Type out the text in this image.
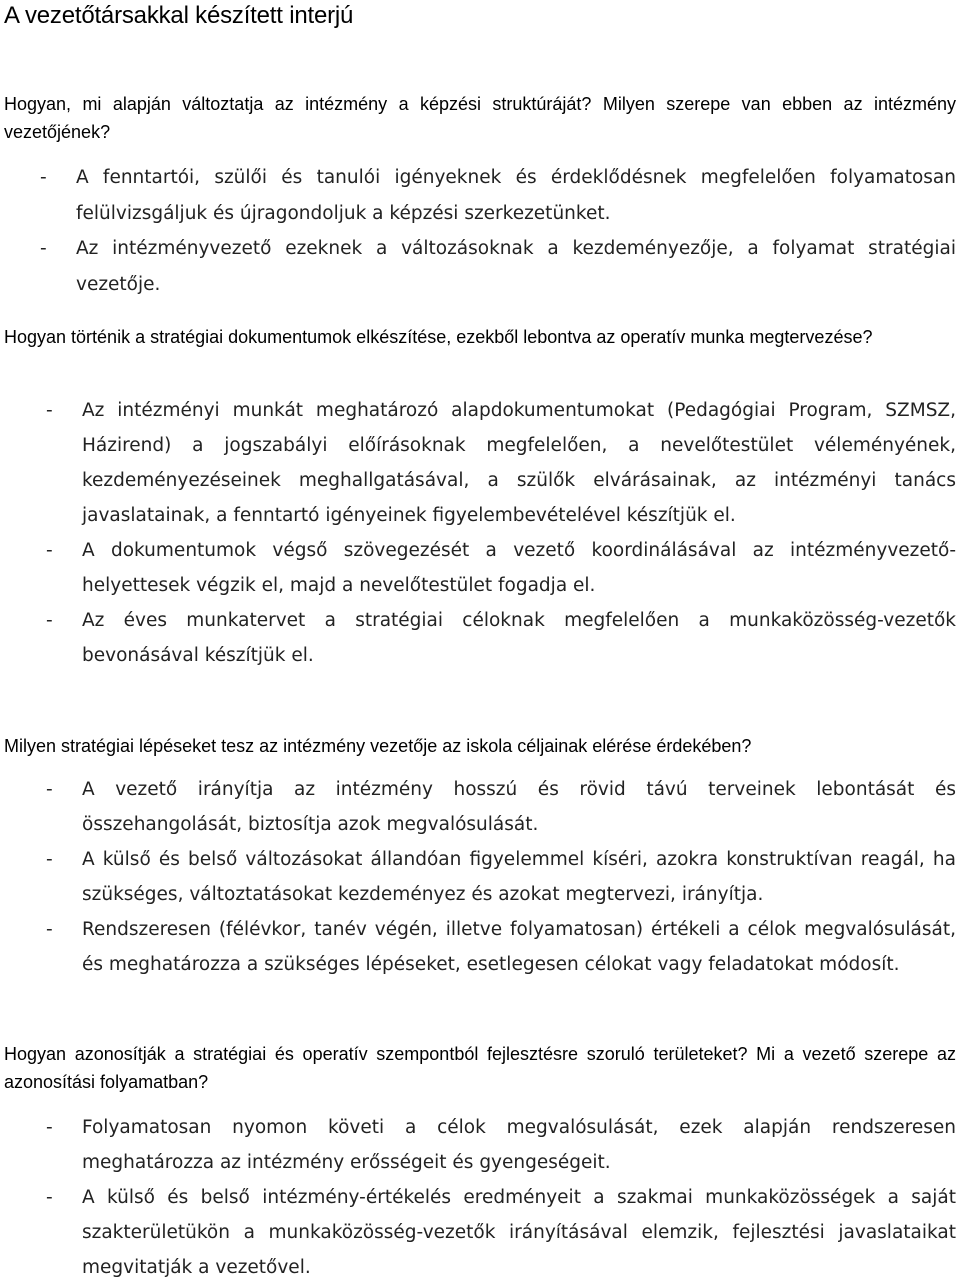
A vezetőtársakkal készített interjú

Hogyan, mi alapján változtatja az intézmény a képzési struktúráját? Milyen szerepe van ebben az intézmény vezetőjének?

- A fenntartói, szülői és tanulói igényeknek és érdeklődésnek megfelelően folyamatosan felülvizsgáljuk és újragondoljuk a képzési szerkezetünket.
- Az intézményvezető ezeknek a változásoknak a kezdeményezője, a folyamat stratégiai vezetője.

Hogyan történik a stratégiai dokumentumok elkészítése, ezekből lebontva az operatív munka megtervezése?

- Az intézményi munkát meghatározó alapdokumentumokat (Pedagógiai Program, SZMSZ, Házirend) a jogszabályi előírásoknak megfelelően, a nevelőtestület véleményének, kezdeményezéseinek meghallgatásával, a szülők elvárásainak, az intézményi tanács javaslatainak, a fenntartó igényeinek figyelembevételével készítjük el.
- A dokumentumok végső szövegezését a vezető koordinálásával az intézményvezető-helyettesek végzik el, majd a nevelőtestület fogadja el.
- Az éves munkatervet a stratégiai céloknak megfelelően a munkaközösség-vezetők bevonásával készítjük el.

Milyen stratégiai lépéseket tesz az intézmény vezetője az iskola céljainak elérése érdekében?

- A vezető irányítja az intézmény hosszú és rövid távú terveinek lebontását és összehangolását, biztosítja azok megvalósulását.
- A külső és belső változásokat állandóan figyelemmel kíséri, azokra konstruktívan reagál, ha szükséges, változtatásokat kezdeményez és azokat megtervezi, irányítja.
- Rendszeresen (félévkor, tanév végén, illetve folyamatosan) értékeli a célok megvalósulását, és meghatározza a szükséges lépéseket, esetlegesen célokat vagy feladatokat módosít.

Hogyan azonosítják a stratégiai és operatív szempontból fejlesztésre szoruló területeket? Mi a vezető szerepe az azonosítási folyamatban?

- Folyamatosan nyomon követi a célok megvalósulását, ezek alapján rendszeresen meghatározza az intézmény erősségeit és gyengeségeit.
- A külső és belső intézmény-értékelés eredményeit a szakmai munkaközösségek a saját szakterületükön a munkaközösség-vezetők irányításával elemzik, fejlesztési javaslataikat megvitatják a vezetővel.
